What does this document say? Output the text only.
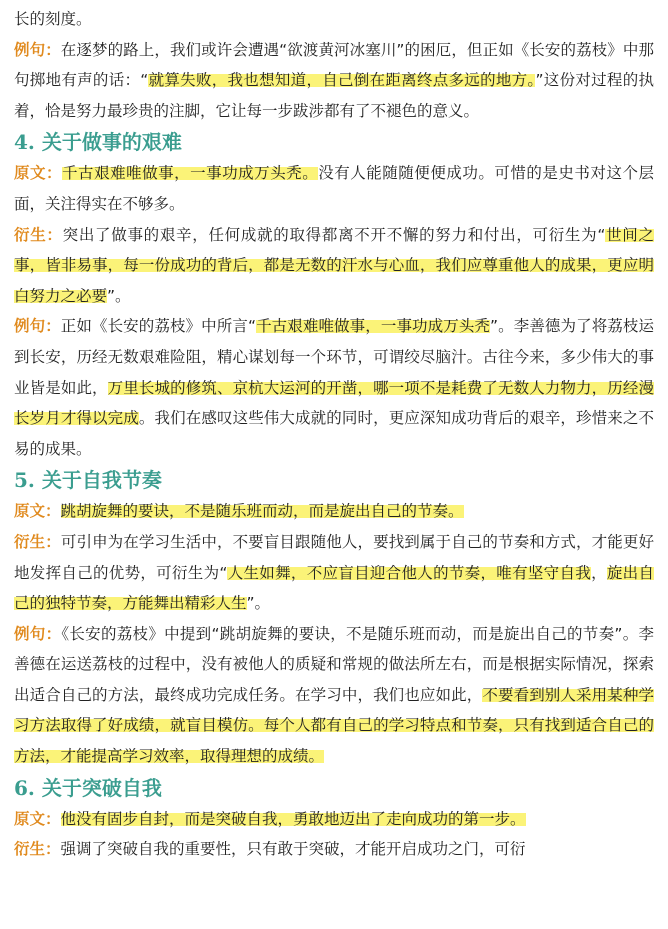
长的刻度。

例句：在逐梦的路上，我们或许会遭遇“欲渡黄河冰塞川”的困厄，但正如《长安的荔枝》中那句掷地有声的话：“就算失败，我也想知道，自己倒在距离终点多远的地方。”这份对过程的执着，恰是努力最珍贵的注脚，它让每一步跋涉都有了不褪色的意义。

4. 关于做事的艰难

原文：千古艰难唯做事，一事功成万头秃。没有人能随随便便成功。可惜的是史书对这个层面，关注得实在不够多。

衍生：突出了做事的艰辛，任何成就的取得都离不开不懈的努力和付出，可衍生为“世间之事，皆非易事，每一份成功的背后，都是无数的汗水与心血，我们应尊重他人的成果，更应明白努力之必要”。

例句：正如《长安的荔枝》中所言“千古艰难唯做事，一事功成万头秃”。李善德为了将荔枝运到长安，历经无数艰难险阻，精心谋划每一个环节，可谓绞尽脑汁。古往今来，多少伟大的事业皆是如此，万里长城的修筑、京杭大运河的开凿，哪一项不是耗费了无数人力物力，历经漫长岁月才得以完成。我们在感叹这些伟大成就的同时，更应深知成功背后的艰辛，珍惜来之不易的成果。

5. 关于自我节奏

原文：跳胡旋舞的要诀，不是随乐班而动，而是旋出自己的节奏。

衍生：可引申为在学习生活中，不要盲目跟随他人，要找到属于自己的节奏和方式，才能更好地发挥自己的优势，可衍生为“人生如舞，不应盲目迎合他人的节奏，唯有坚守自我，旋出自己的独特节奏，方能舞出精彩人生”。

例句：《长安的荔枝》中提到“跳胡旋舞的要诀，不是随乐班而动，而是旋出自己的节奏”。李善德在运送荔枝的过程中，没有被他人的质疑和常规的做法所左右，而是根据实际情况，探索出适合自己的方法，最终成功完成任务。在学习中，我们也应如此，不要看到别人采用某种学习方法取得了好成绩，就盲目模仿。每个人都有自己的学习特点和节奏，只有找到适合自己的方法，才能提高学习效率，取得理想的成绩。

6. 关于突破自我

原文：他没有固步自封，而是突破自我，勇敢地迈出了走向成功的第一步。

衍生：强调了突破自我的重要性，只有敢于突破，才能开启成功之门，可衍
